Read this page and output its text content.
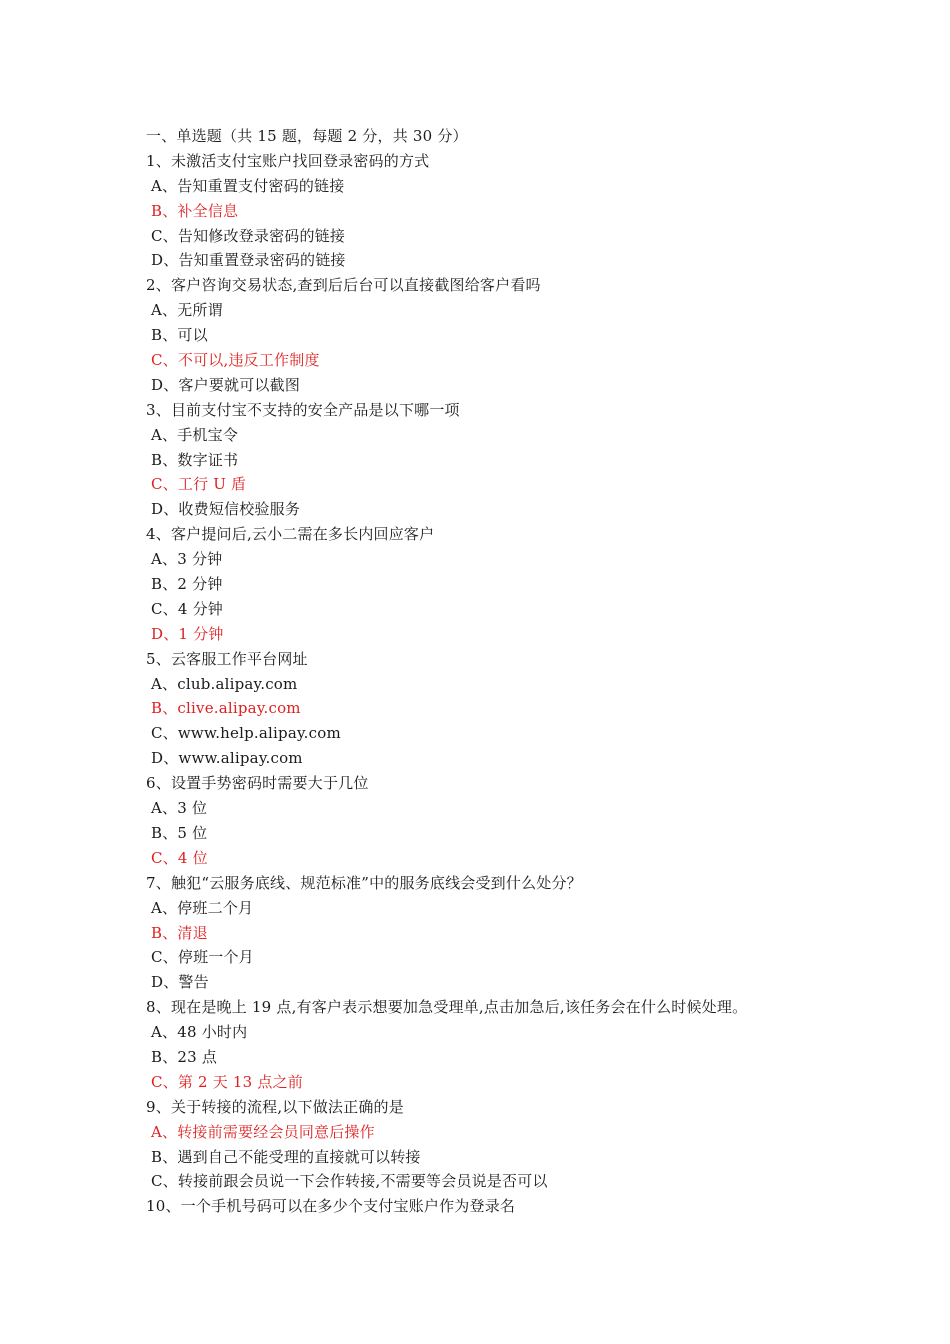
一、单选题（共 15 题，每题 2 分，共 30 分）
1、未激活支付宝账户找回登录密码的方式
A、告知重置支付密码的链接
B、补全信息
C、告知修改登录密码的链接
D、告知重置登录密码的链接
2、客户咨询交易状态,查到后后台可以直接截图给客户看吗
A、无所谓
B、可以
C、不可以,违反工作制度
D、客户要就可以截图
3、目前支付宝不支持的安全产品是以下哪一项
A、手机宝令
B、数字证书
C、工行 U 盾
D、收费短信校验服务
4、客户提问后,云小二需在多长内回应客户
A、3 分钟
B、2 分钟
C、4 分钟
D、1 分钟
5、云客服工作平台网址
A、club.alipay.com
B、clive.alipay.com
C、www.help.alipay.com
D、www.alipay.com
6、设置手势密码时需要大于几位
A、3 位
B、5 位
C、4 位
7、触犯“云服务底线、规范标准”中的服务底线会受到什么处分？
A、停班二个月
B、清退
C、停班一个月
D、警告
8、现在是晚上 19 点,有客户表示想要加急受理单,点击加急后,该任务会在什么时候处理。
A、48 小时内
B、23 点
C、第 2 天 13 点之前
9、关于转接的流程,以下做法正确的是
A、转接前需要经会员同意后操作
B、遇到自己不能受理的直接就可以转接
C、转接前跟会员说一下会作转接,不需要等会员说是否可以
10、一个手机号码可以在多少个支付宝账户作为登录名
